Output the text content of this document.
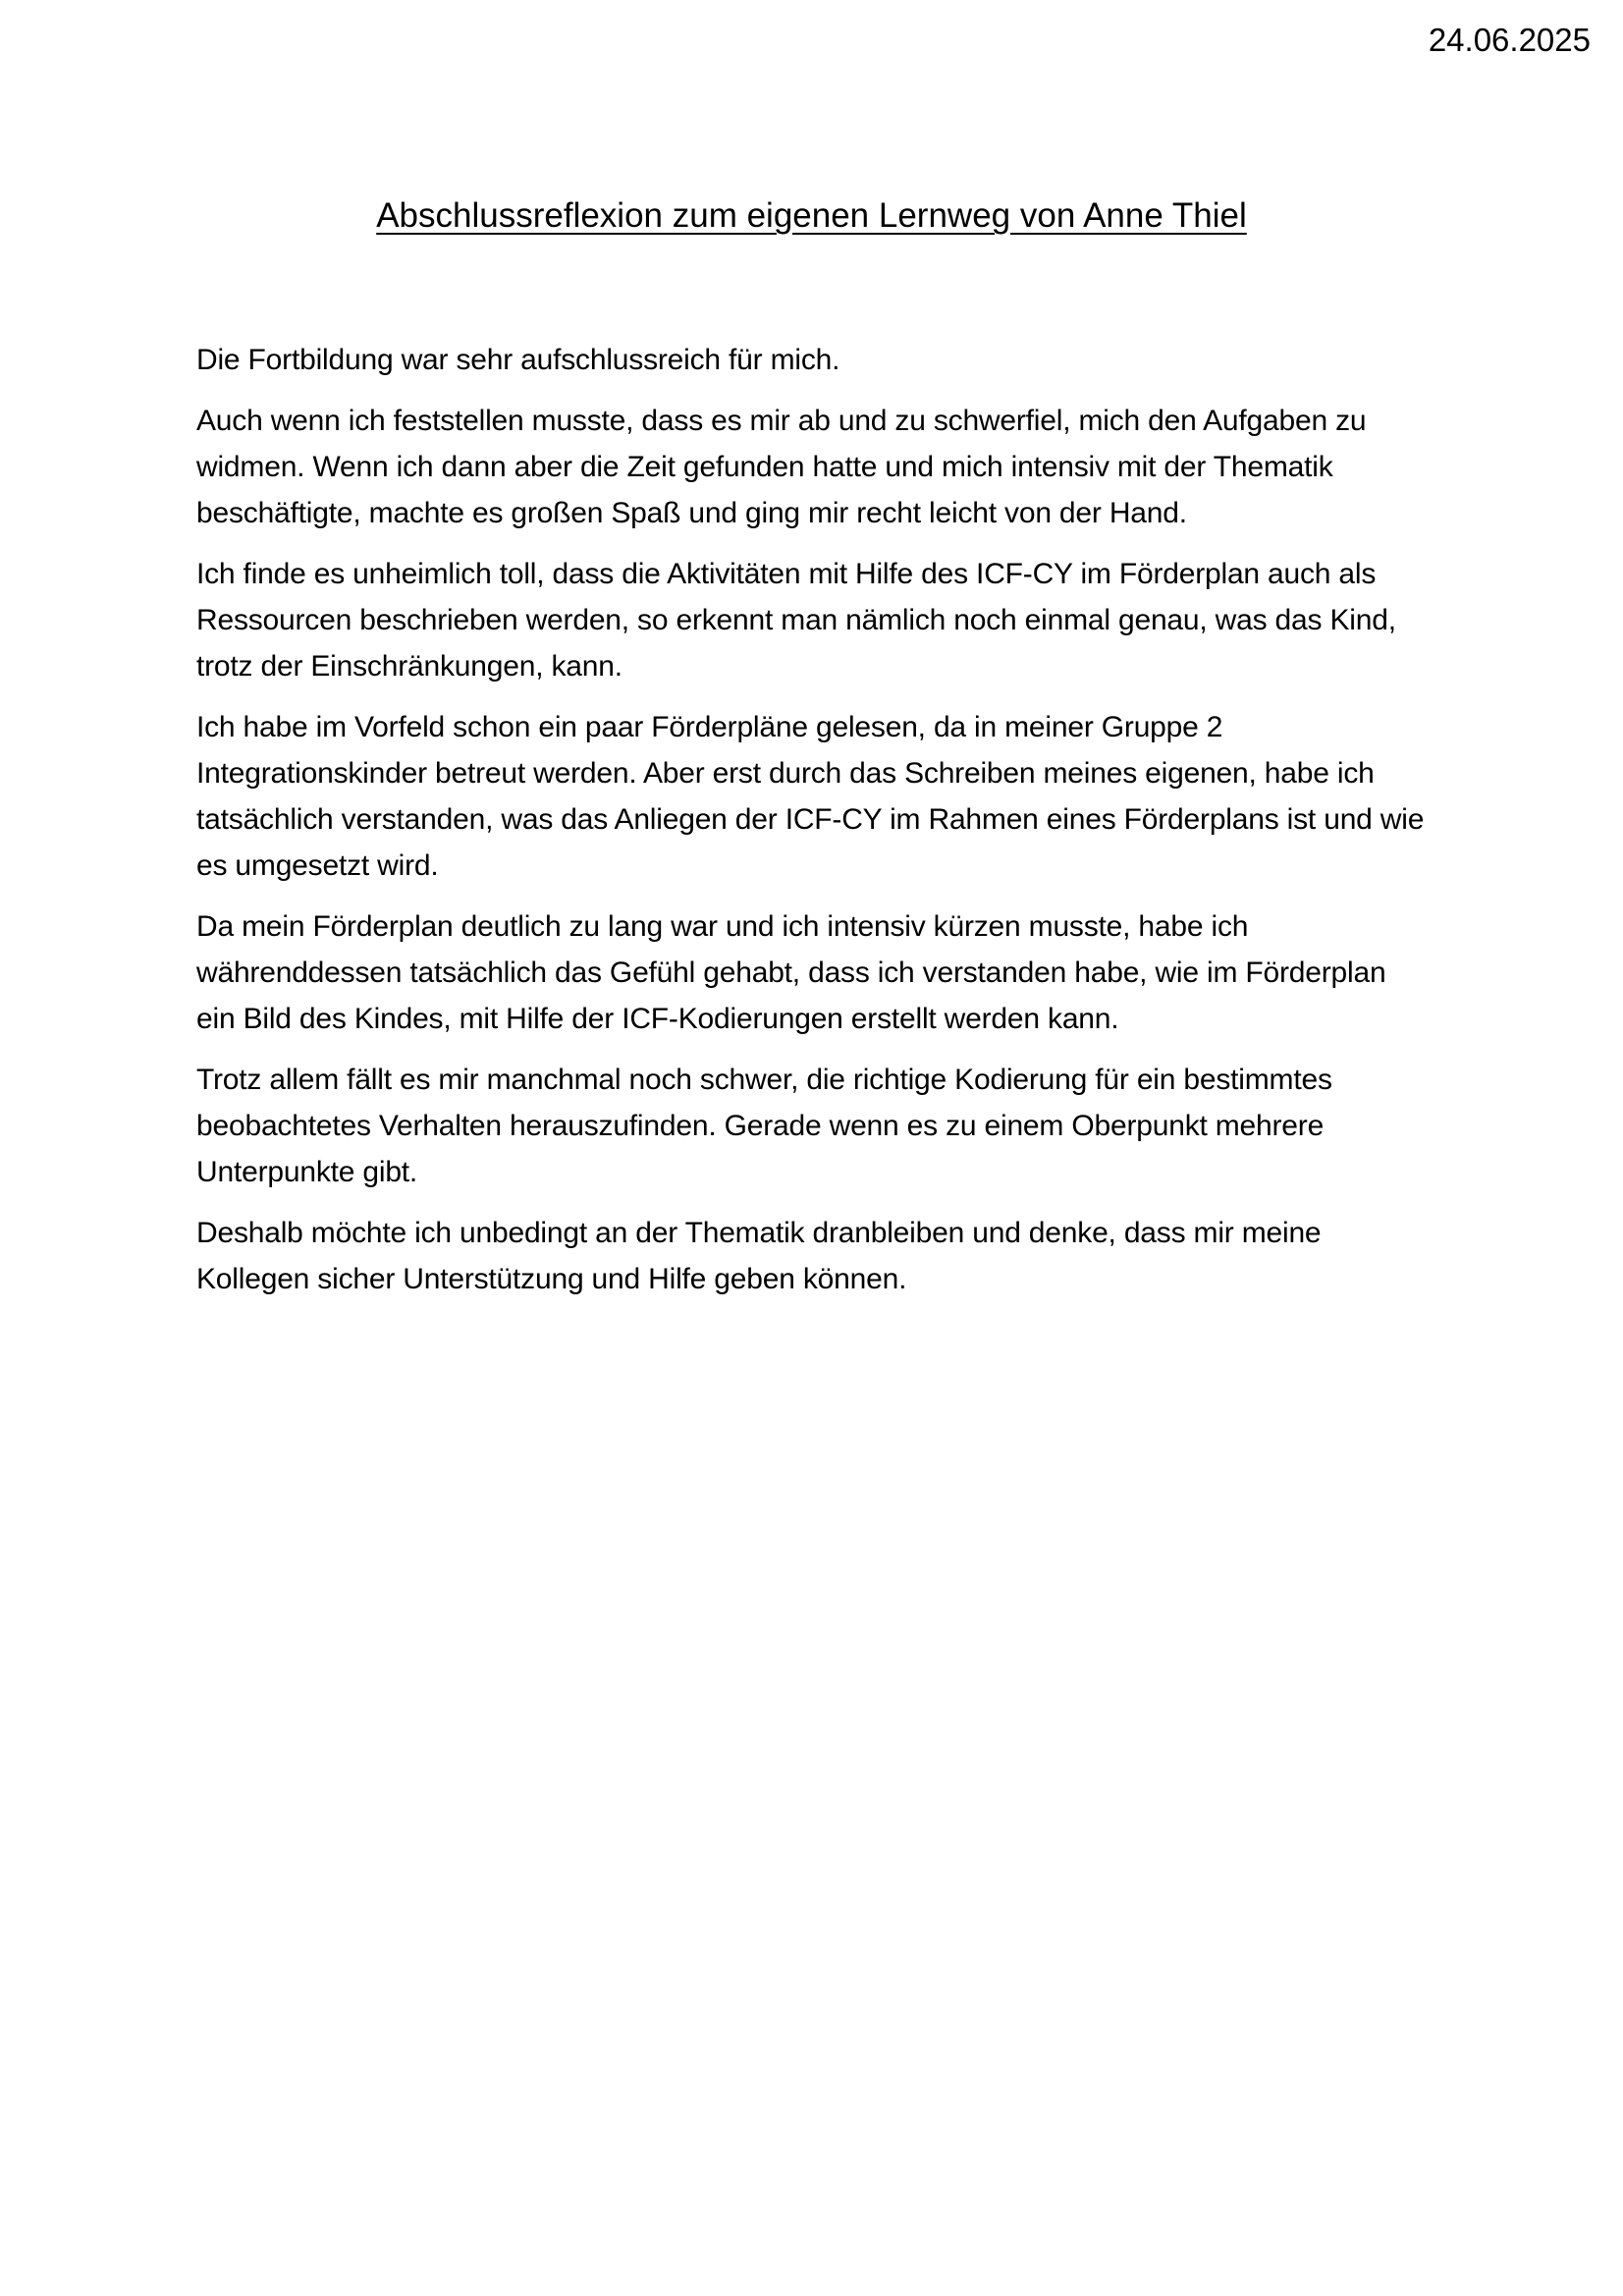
24.06.2025
Abschlussreflexion zum eigenen Lernweg von Anne Thiel

Die Fortbildung war sehr aufschlussreich für mich.

Auch wenn ich feststellen musste, dass es mir ab und zu schwerfiel, mich den Aufgaben zu widmen. Wenn ich dann aber die Zeit gefunden hatte und mich intensiv mit der Thematik beschäftigte, machte es großen Spaß und ging mir recht leicht von der Hand.

Ich finde es unheimlich toll, dass die Aktivitäten mit Hilfe des ICF-CY im Förderplan auch als Ressourcen beschrieben werden, so erkennt man nämlich noch einmal genau, was das Kind, trotz der Einschränkungen, kann.

Ich habe im Vorfeld schon ein paar Förderpläne gelesen, da in meiner Gruppe 2 Integrationskinder betreut werden. Aber erst durch das Schreiben meines eigenen, habe ich tatsächlich verstanden, was das Anliegen der ICF-CY im Rahmen eines Förderplans ist und wie es umgesetzt wird.

Da mein Förderplan deutlich zu lang war und ich intensiv kürzen musste, habe ich währenddessen tatsächlich das Gefühl gehabt, dass ich verstanden habe, wie im Förderplan ein Bild des Kindes, mit Hilfe der ICF-Kodierungen erstellt werden kann.

Trotz allem fällt es mir manchmal noch schwer, die richtige Kodierung für ein bestimmtes beobachtetes Verhalten herauszufinden. Gerade wenn es zu einem Oberpunkt mehrere Unterpunkte gibt.

Deshalb möchte ich unbedingt an der Thematik dranbleiben und denke, dass mir meine Kollegen sicher Unterstützung und Hilfe geben können.
